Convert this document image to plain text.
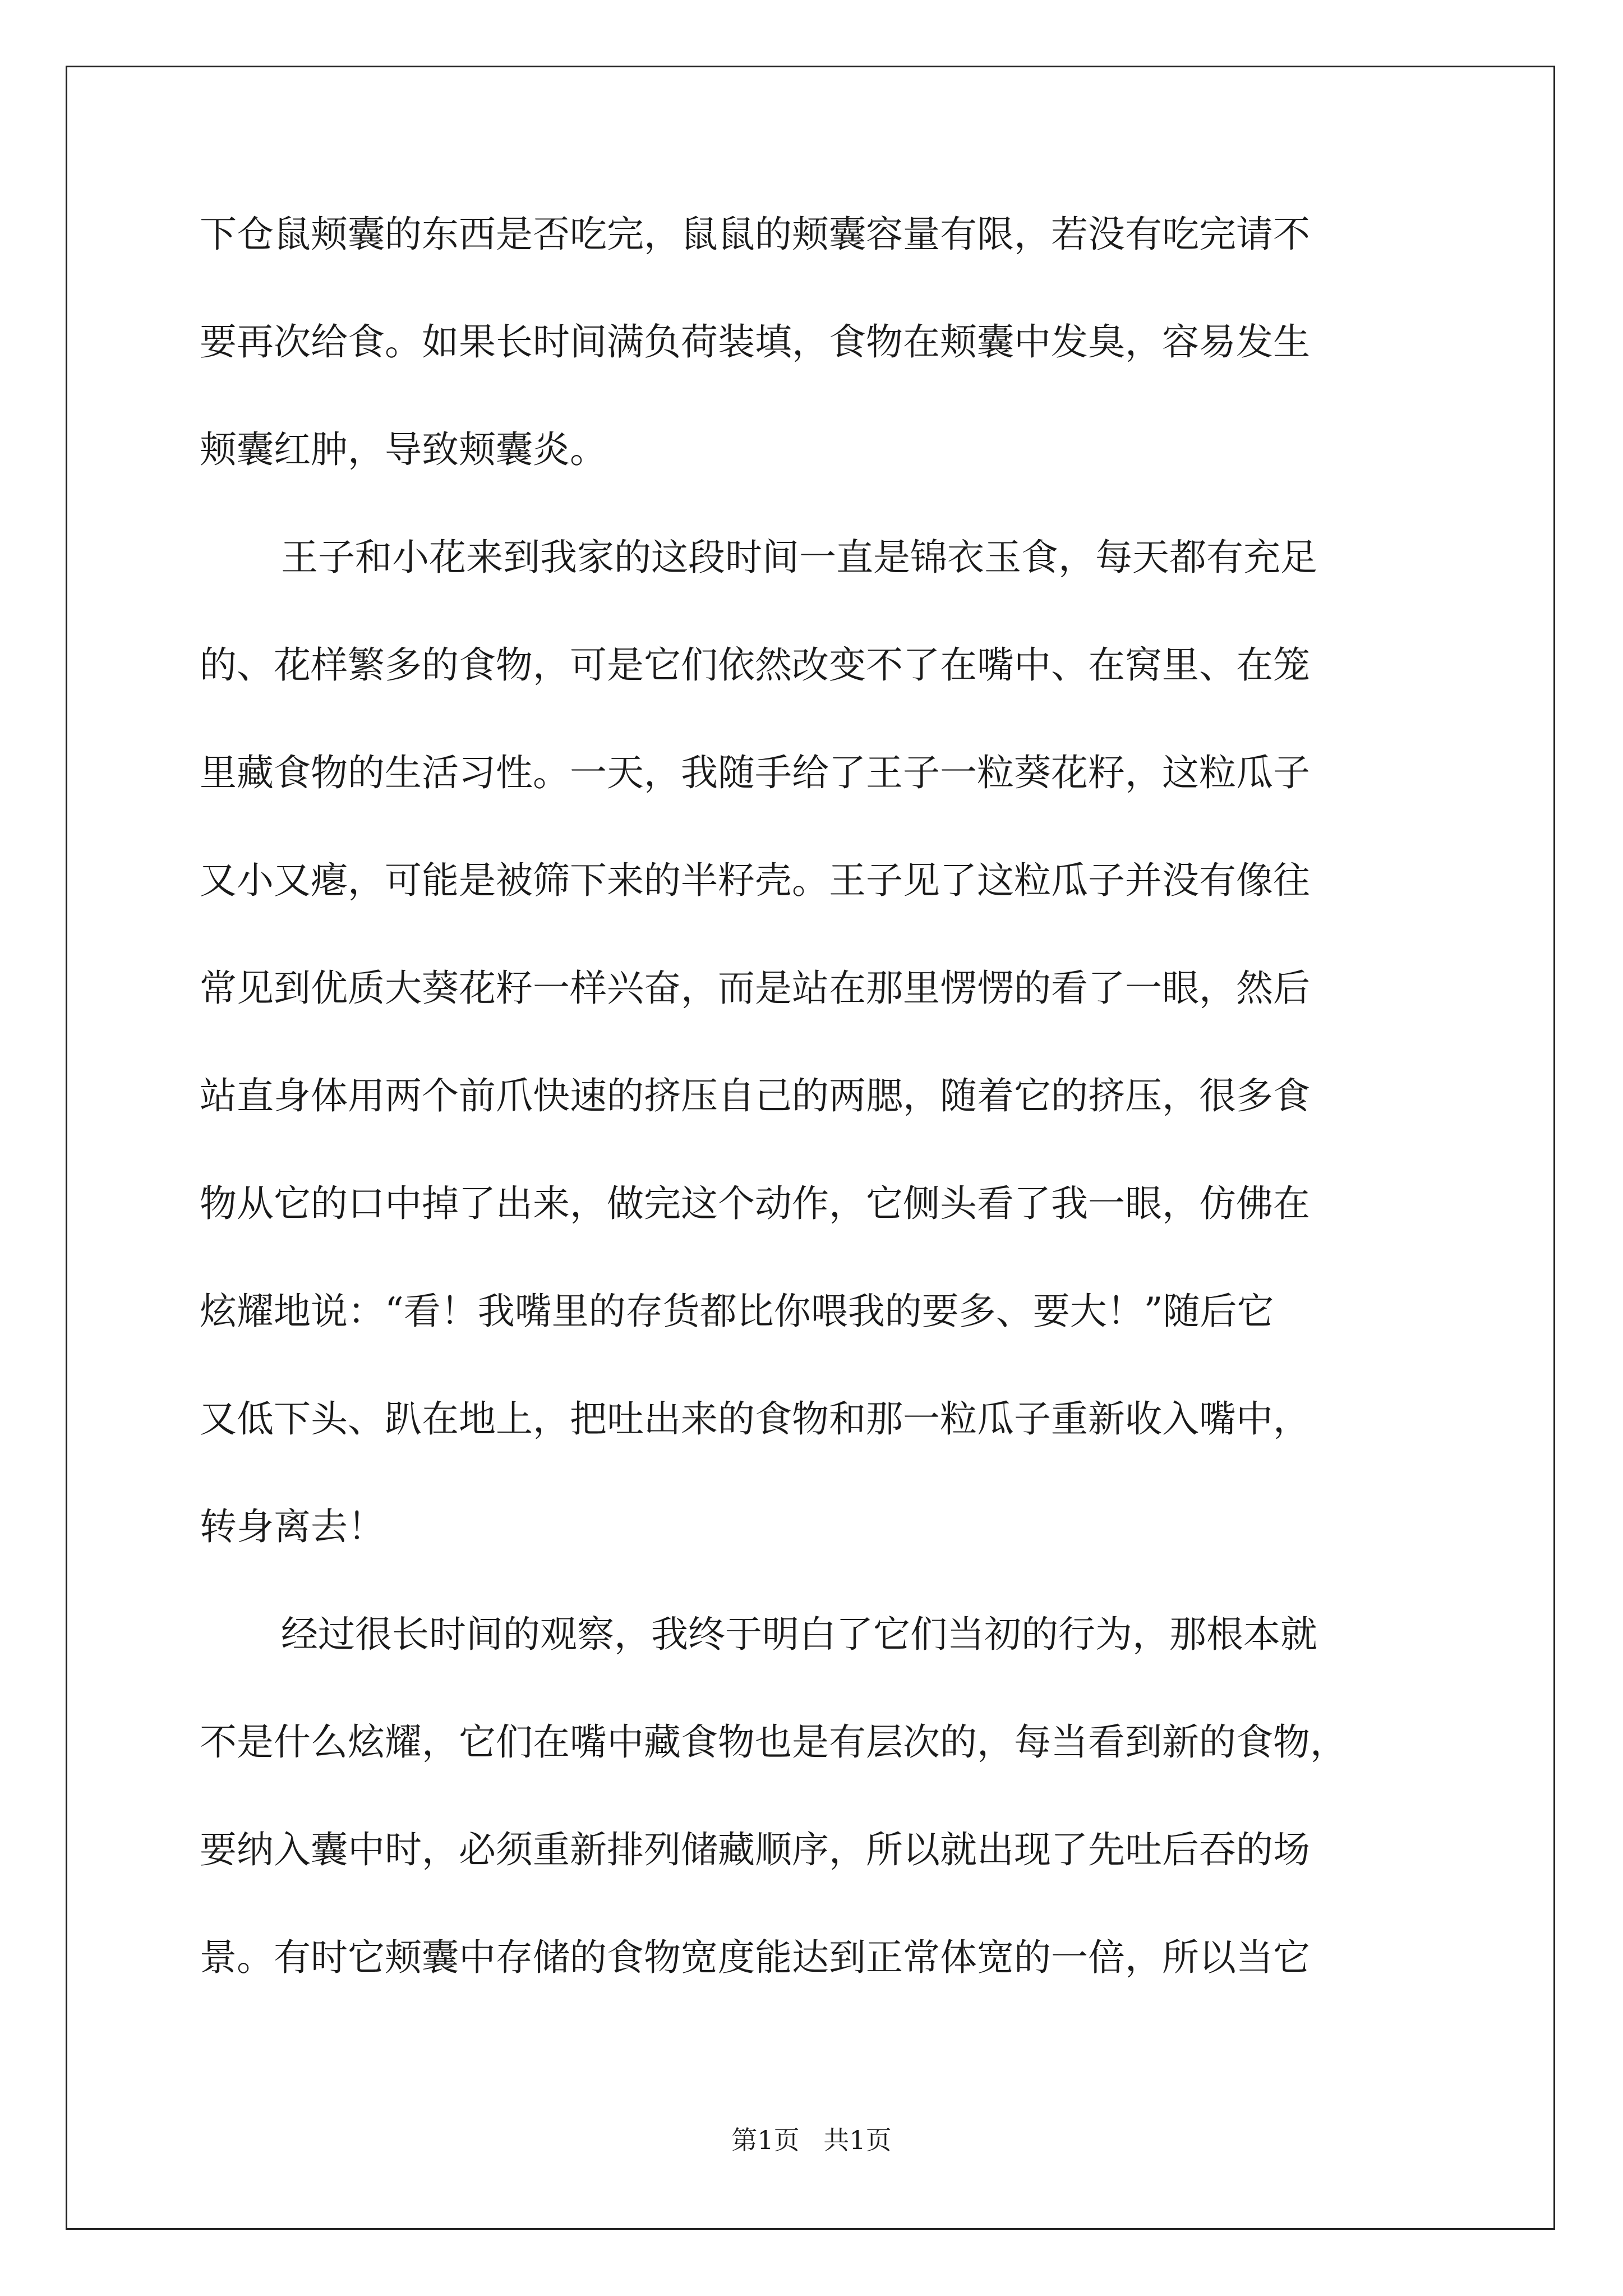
下仓鼠颊囊的东西是否吃完，鼠鼠的颊囊容量有限，若没有吃完请不
要再次给食。如果长时间满负荷装填，食物在颊囊中发臭，容易发生
颊囊红肿，导致颊囊炎。
王子和小花来到我家的这段时间一直是锦衣玉食，每天都有充足
的、花样繁多的食物，可是它们依然改变不了在嘴中、在窝里、在笼
里藏食物的生活习性。一天，我随手给了王子一粒葵花籽，这粒瓜子
又小又瘪，可能是被筛下来的半籽壳。王子见了这粒瓜子并没有像往
常见到优质大葵花籽一样兴奋，而是站在那里愣愣的看了一眼，然后
站直身体用两个前爪快速的挤压自己的两腮，随着它的挤压，很多食
物从它的口中掉了出来，做完这个动作，它侧头看了我一眼，仿佛在
炫耀地说：“看！我嘴里的存货都比你喂我的要多、要大！”随后它
又低下头、趴在地上，把吐出来的食物和那一粒瓜子重新收入嘴中，
转身离去！
经过很长时间的观察，我终于明白了它们当初的行为，那根本就
不是什么炫耀，它们在嘴中藏食物也是有层次的，每当看到新的食物，
要纳入囊中时，必须重新排列储藏顺序，所以就出现了先吐后吞的场
景。有时它颊囊中存储的食物宽度能达到正常体宽的一倍，所以当它
第1页 共1页
